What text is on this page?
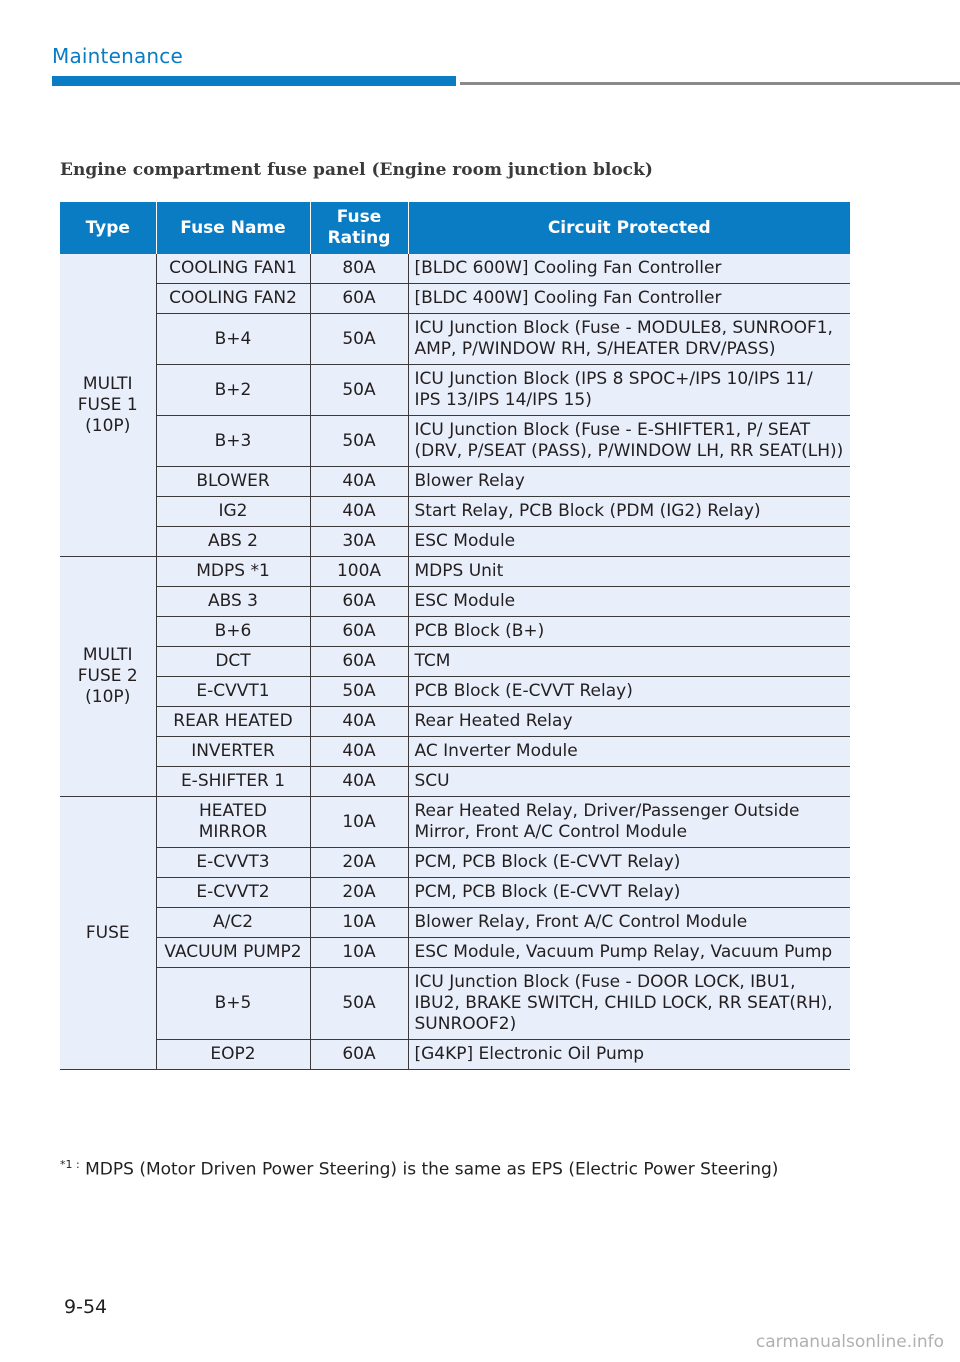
Maintenance
Engine compartment fuse panel (Engine room junction block)
Type	Fuse Name	Fuse Rating	Circuit Protected
MULTI FUSE 1 (10P)	COOLING FAN1	80A	[BLDC 600W] Cooling Fan Controller
	COOLING FAN2	60A	[BLDC 400W] Cooling Fan Controller
	B+4	50A	ICU Junction Block (Fuse - MODULE8, SUNROOF1, AMP, P/WINDOW RH, S/HEATER DRV/PASS)
	B+2	50A	ICU Junction Block (IPS 8 SPOC+/IPS 10/IPS 11/ IPS 13/IPS 14/IPS 15)
	B+3	50A	ICU Junction Block (Fuse - E-SHIFTER1, P/ SEAT (DRV, P/SEAT (PASS), P/WINDOW LH, RR SEAT(LH))
	BLOWER	40A	Blower Relay
	IG2	40A	Start Relay, PCB Block (PDM (IG2) Relay)
	ABS 2	30A	ESC Module
MULTI FUSE 2 (10P)	MDPS *1	100A	MDPS Unit
	ABS 3	60A	ESC Module
	B+6	60A	PCB Block (B+)
	DCT	60A	TCM
	E-CVVT1	50A	PCB Block (E-CVVT Relay)
	REAR HEATED	40A	Rear Heated Relay
	INVERTER	40A	AC Inverter Module
	E-SHIFTER 1	40A	SCU
FUSE	HEATED MIRROR	10A	Rear Heated Relay, Driver/Passenger Outside Mirror, Front A/C Control Module
	E-CVVT3	20A	PCM, PCB Block (E-CVVT Relay)
	E-CVVT2	20A	PCM, PCB Block (E-CVVT Relay)
	A/C2	10A	Blower Relay, Front A/C Control Module
	VACUUM PUMP2	10A	ESC Module, Vacuum Pump Relay, Vacuum Pump
	B+5	50A	ICU Junction Block (Fuse - DOOR LOCK, IBU1, IBU2, BRAKE SWITCH, CHILD LOCK, RR SEAT(RH), SUNROOF2)
	EOP2	60A	[G4KP] Electronic Oil Pump
$^{*1 :}$ MDPS (Motor Driven Power Steering) is the same as EPS (Electric Power Steering)
9-54
carmanualsonline.info
